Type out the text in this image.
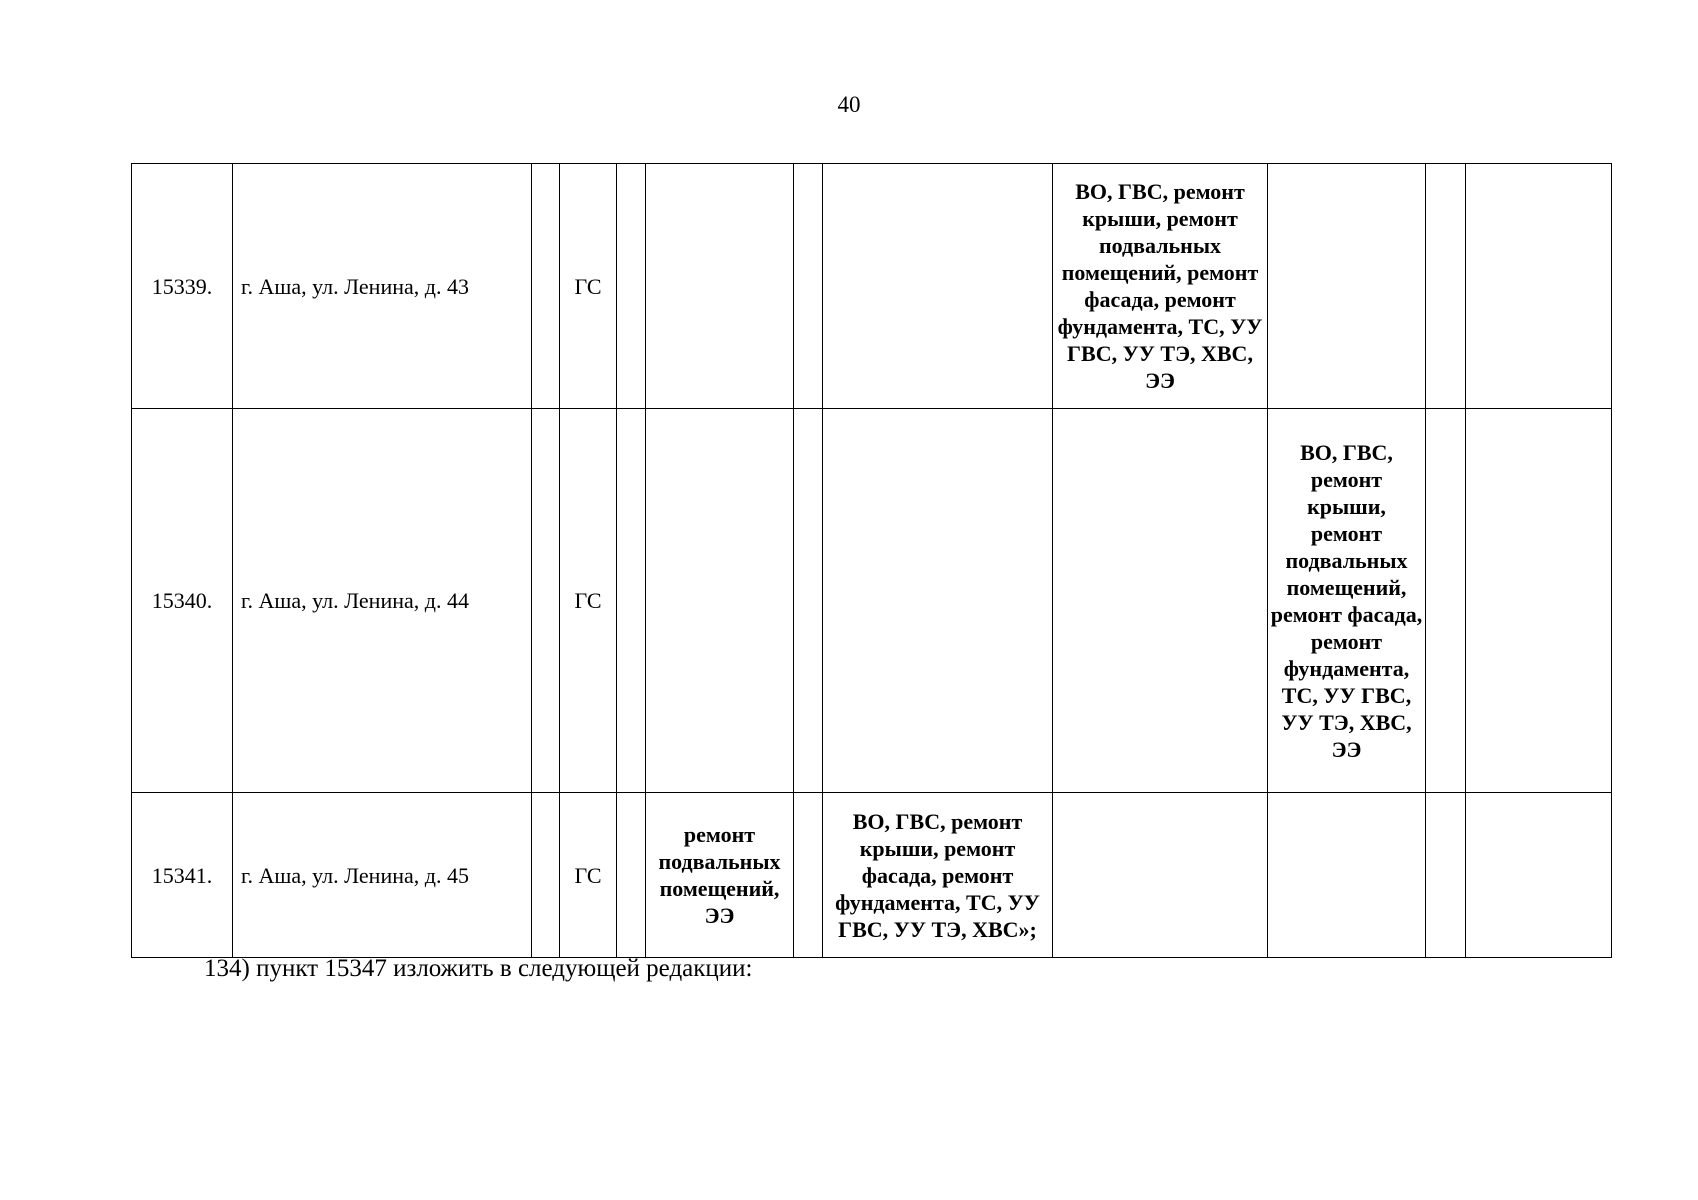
40
15339.	г. Аша, ул. Ленина, д. 43		ГС					ВО, ГВС, ремонт крыши, ремонт подвальных помещений, ремонт фасада, ремонт фундамента, ТС, УУ ГВС, УУ ТЭ, ХВС, ЭЭ			
15340.	г. Аша, ул. Ленина, д. 44		ГС						ВО, ГВС, ремонт крыши, ремонт подвальных помещений, ремонт фасада, ремонт фундамента, ТС, УУ ГВС, УУ ТЭ, ХВС, ЭЭ		
15341.	г. Аша, ул. Ленина, д. 45		ГС		ремонт подвальных помещений, ЭЭ		ВО, ГВС, ремонт крыши, ремонт фасада, ремонт фундамента, ТС, УУ ГВС, УУ ТЭ, ХВС»;				
134) пункт 15347 изложить в следующей редакции:
